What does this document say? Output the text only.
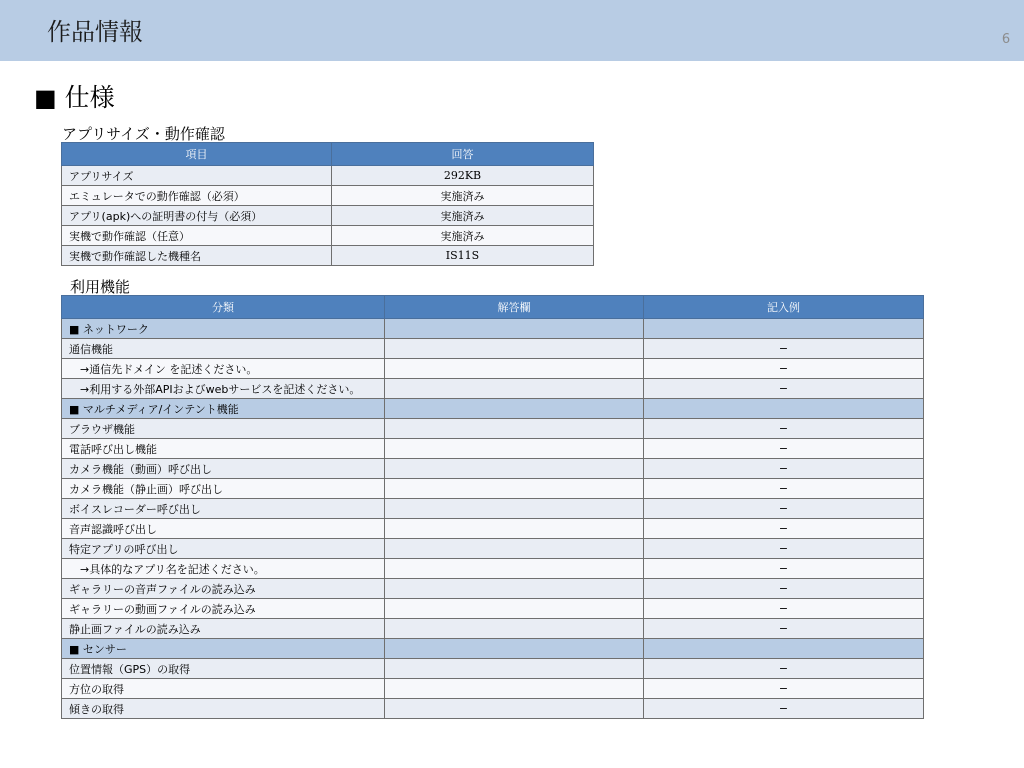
作品情報	6
■ 仕様
アプリサイズ・動作確認
項目	回答
アプリサイズ	292KB
エミュレータでの動作確認（必須）	実施済み
アプリ(apk)への証明書の付与（必須）	実施済み
実機で動作確認（任意）	実施済み
実機で動作確認した機種名	IS11S
利用機能
分類	解答欄	記入例
■ ネットワーク		
通信機能		−
　→通信先ドメイン を記述ください。		−
　→利用する外部APIおよびwebサービスを記述ください。		−
■ マルチメディア/インテント機能		
ブラウザ機能		−
電話呼び出し機能		−
カメラ機能（動画）呼び出し		−
カメラ機能（静止画）呼び出し		−
ボイスレコーダー呼び出し		−
音声認識呼び出し		−
特定アプリの呼び出し		−
　→具体的なアプリ名を記述ください。		−
ギャラリーの音声ファイルの読み込み		−
ギャラリーの動画ファイルの読み込み		−
静止画ファイルの読み込み		−
■ センサー		
位置情報（GPS）の取得		−
方位の取得		−
傾きの取得		−
